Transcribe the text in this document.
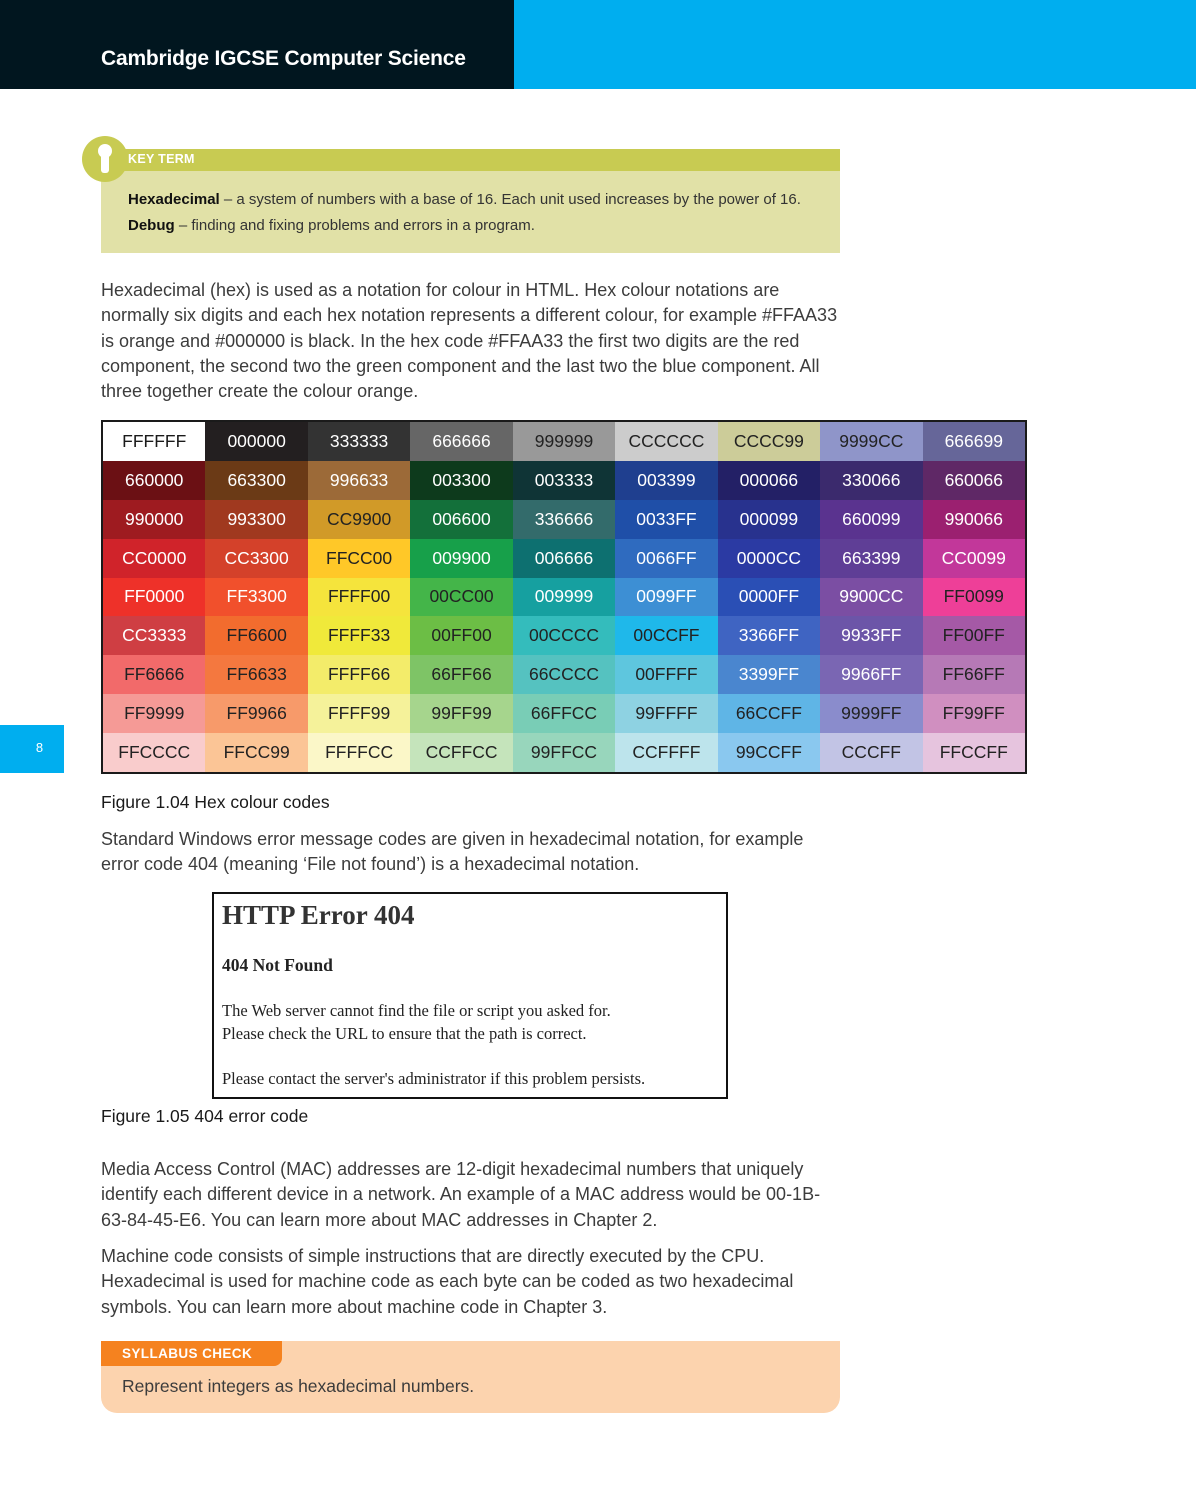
Cambridge IGCSE Computer Science
KEY TERM
Hexadecimal – a system of numbers with a base of 16. Each unit used increases by the power of 16.
Debug – finding and fixing problems and errors in a program.

Hexadecimal (hex) is used as a notation for colour in HTML. Hex colour notations are normally six digits and each hex notation represents a different colour, for example #FFAA33 is orange and #000000 is black. In the hex code #FFAA33 the first two digits are the red component, the second two the green component and the last two the blue component. All three together create the colour orange.

FFFFFF	000000	333333	666666	999999	CCCCCC	CCCC99	9999CC	666699
660000	663300	996633	003300	003333	003399	000066	330066	660066
990000	993300	CC9900	006600	336666	0033FF	000099	660099	990066
CC0000	CC3300	FFCC00	009900	006666	0066FF	0000CC	663399	CC0099
FF0000	FF3300	FFFF00	00CC00	009999	0099FF	0000FF	9900CC	FF0099
CC3333	FF6600	FFFF33	00FF00	00CCCC	00CCFF	3366FF	9933FF	FF00FF
FF6666	FF6633	FFFF66	66FF66	66CCCC	00FFFF	3399FF	9966FF	FF66FF
FF9999	FF9966	FFFF99	99FF99	66FFCC	99FFFF	66CCFF	9999FF	FF99FF
FFCCCC	FFCC99	FFFFCC	CCFFCC	99FFCC	CCFFFF	99CCFF	CCCFF	FFCCFF
8
Figure 1.04 Hex colour codes

Standard Windows error message codes are given in hexadecimal notation, for example error code 404 (meaning ‘File not found’) is a hexadecimal notation.

HTTP Error 404
404 Not Found
The Web server cannot find the file or script you asked for.
Please check the URL to ensure that the path is correct.
Please contact the server's administrator if this problem persists.
Figure 1.05 404 error code

Media Access Control (MAC) addresses are 12-digit hexadecimal numbers that uniquely identify each different device in a network. An example of a MAC address would be 00-1B-63-84-45-E6. You can learn more about MAC addresses in Chapter 2.

Machine code consists of simple instructions that are directly executed by the CPU. Hexadecimal is used for machine code as each byte can be coded as two hexadecimal symbols. You can learn more about machine code in Chapter 3.

SYLLABUS CHECK
Represent integers as hexadecimal numbers.
